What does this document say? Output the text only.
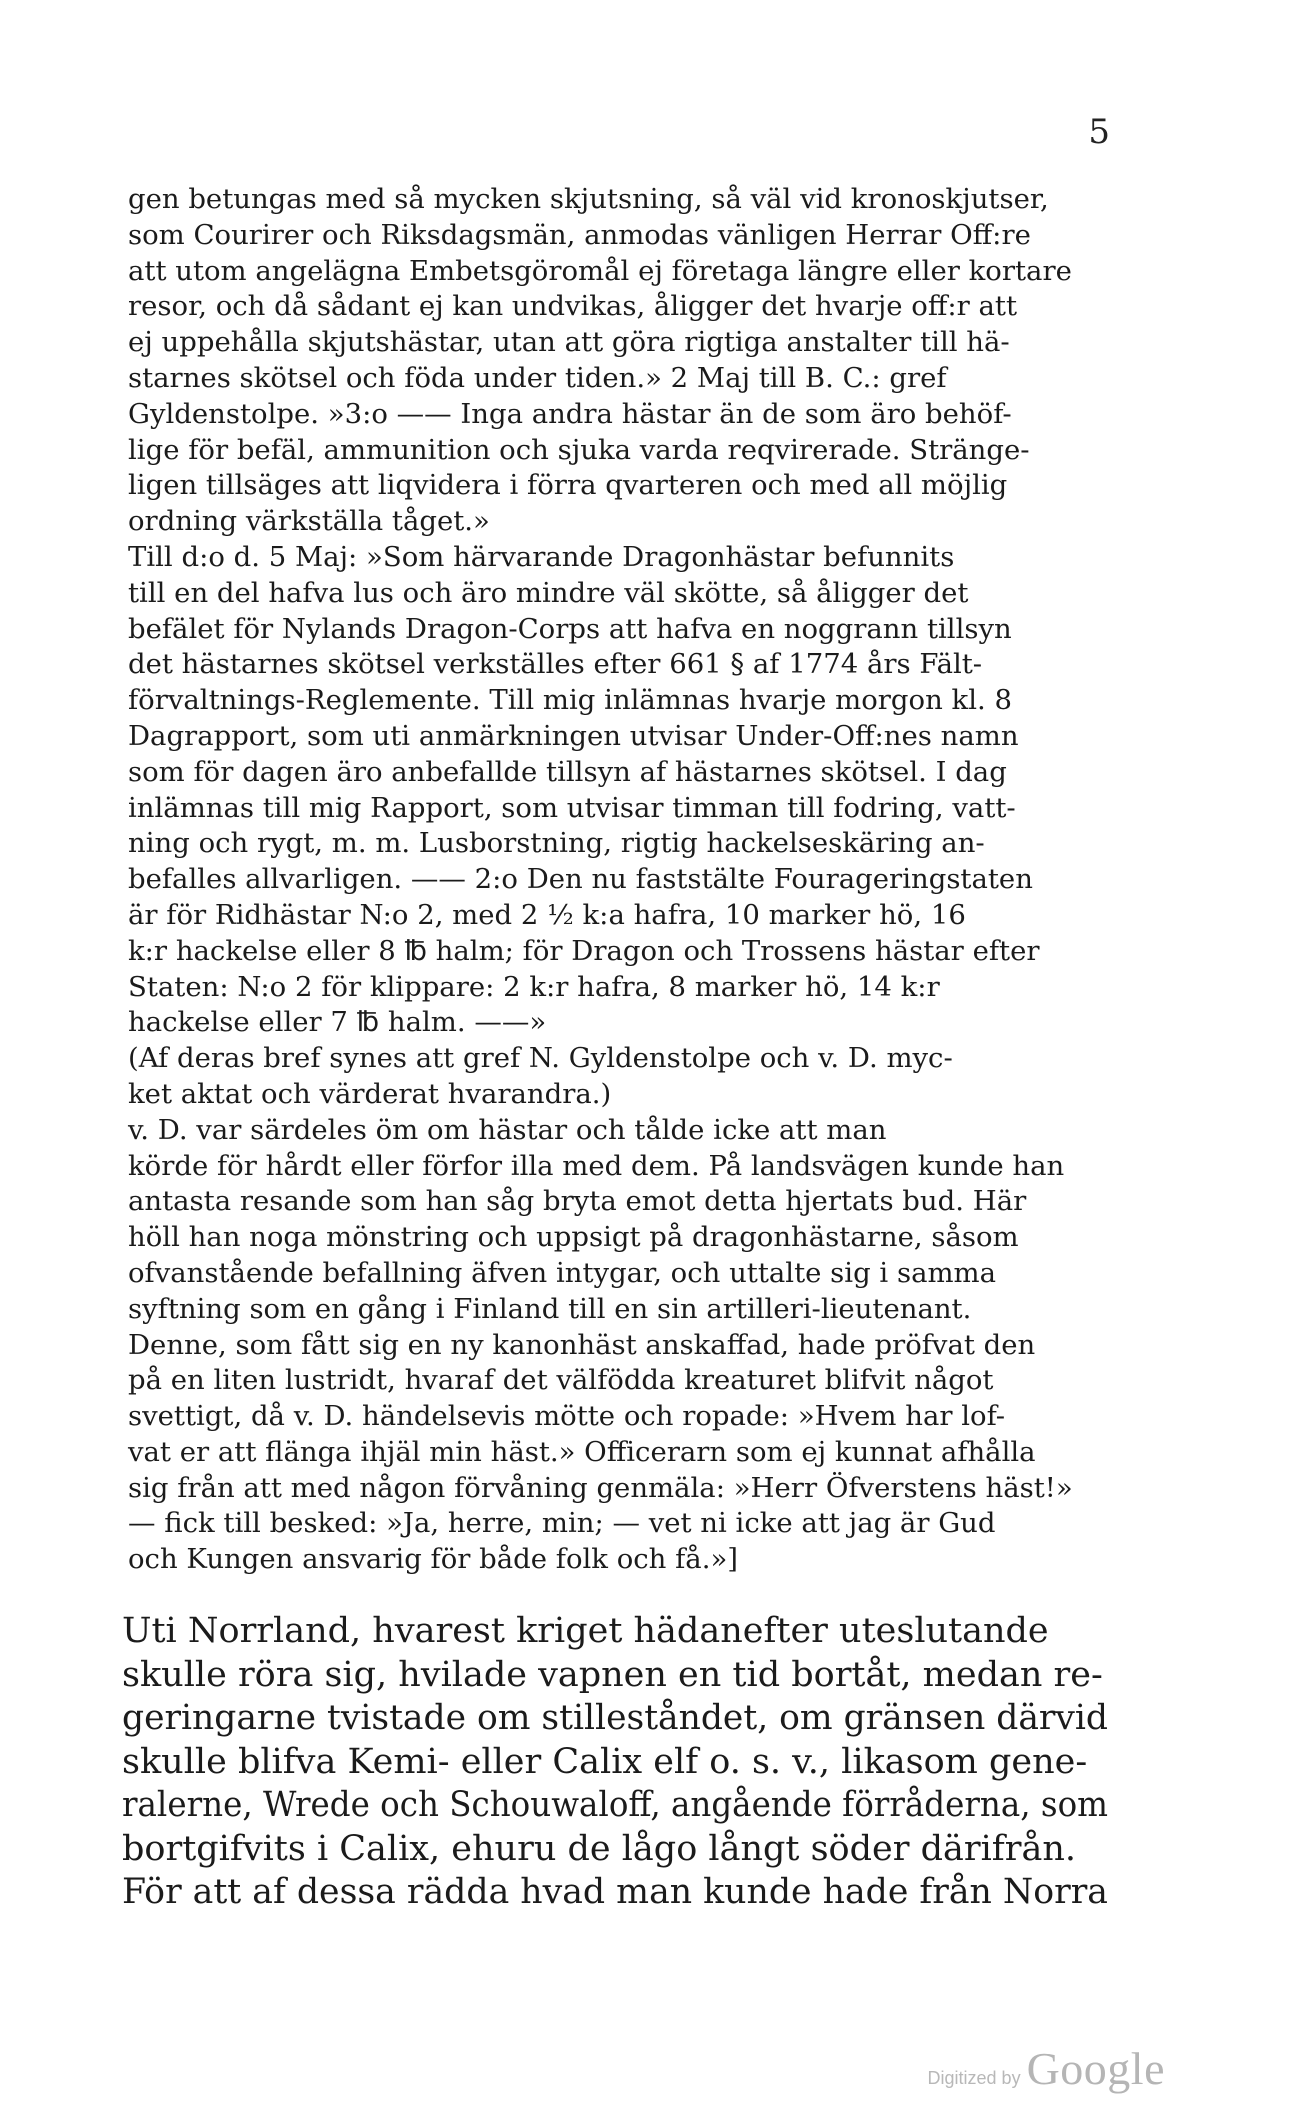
5
gen betungas med så mycken skjutsning, så väl vid kronoskjutser,
som Courirer och Riksdagsmän, anmodas vänligen Herrar Off:re
att utom angelägna Embetsgöromål ej företaga längre eller kortare
resor, och då sådant ej kan undvikas, åligger det hvarje off:r att
ej uppehålla skjutshästar, utan att göra rigtiga anstalter till hä-
starnes skötsel och föda under tiden.» 2 Maj till B. C.: gref
Gyldenstolpe. »3:o —— Inga andra hästar än de som äro behöf-
lige för befäl, ammunition och sjuka varda reqvirerade. Stränge-
ligen tillsäges att liqvidera i förra qvarteren och med all möjlig
ordning värkställa tåget.»
Till d:o d. 5 Maj: »Som härvarande Dragonhästar befunnits
till en del hafva lus och äro mindre väl skötte, så åligger det
befälet för Nylands Dragon-Corps att hafva en noggrann tillsyn
det hästarnes skötsel verkställes efter 661 § af 1774 års Fält-
förvaltnings-Reglemente. Till mig inlämnas hvarje morgon kl. 8
Dagrapport, som uti anmärkningen utvisar Under-Off:nes namn
som för dagen äro anbefallde tillsyn af hästarnes skötsel. I dag
inlämnas till mig Rapport, som utvisar timman till fodring, vatt-
ning och rygt, m. m. Lusborstning, rigtig hackelseskäring an-
befalles allvarligen. —— 2:o Den nu faststälte Fourageringstaten
är för Ridhästar N:o 2, med 2 ½ k:a hafra, 10 marker hö, 16
k:r hackelse eller 8 ℔ halm; för Dragon och Trossens hästar efter
Staten: N:o 2 för klippare: 2 k:r hafra, 8 marker hö, 14 k:r
hackelse eller 7 ℔ halm. ——»
(Af deras bref synes att gref N. Gyldenstolpe och v. D. myc-
ket aktat och värderat hvarandra.)
v. D. var särdeles öm om hästar och tålde icke att man
körde för hårdt eller förfor illa med dem. På landsvägen kunde han
antasta resande som han såg bryta emot detta hjertats bud. Här
höll han noga mönstring och uppsigt på dragonhästarne, såsom
ofvanstående befallning äfven intygar, och uttalte sig i samma
syftning som en gång i Finland till en sin artilleri-lieutenant.
Denne, som fått sig en ny kanonhäst anskaffad, hade pröfvat den
på en liten lustridt, hvaraf det välfödda kreaturet blifvit något
svettigt, då v. D. händelsevis mötte och ropade: »Hvem har lof-
vat er att flänga ihjäl min häst.» Officerarn som ej kunnat afhålla
sig från att med någon förvåning genmäla: »Herr Öfverstens häst!»
— fick till besked: »Ja, herre, min; — vet ni icke att jag är Gud
och Kungen ansvarig för både folk och få.»]
Uti Norrland, hvarest kriget hädanefter uteslutande
skulle röra sig, hvilade vapnen en tid bortåt, medan re-
geringarne tvistade om stilleståndet, om gränsen därvid
skulle blifva Kemi- eller Calix elf o. s. v., likasom gene-
ralerne, Wrede och Schouwaloff, angående förråderna, som
bortgifvits i Calix, ehuru de lågo långt söder därifrån.
För att af dessa rädda hvad man kunde hade från Norra
Digitized by Google
